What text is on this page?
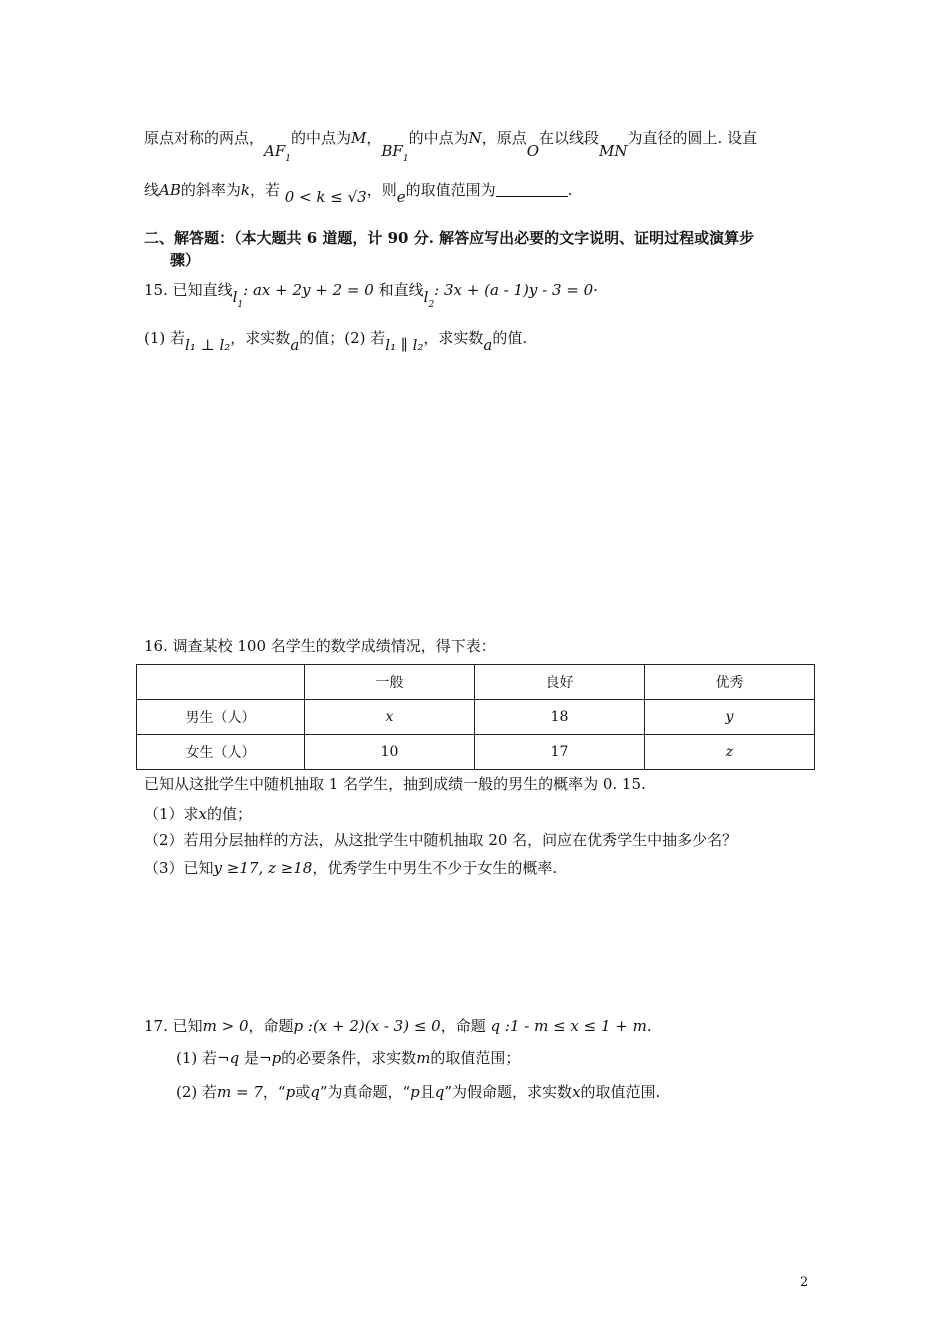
原点对称的两点，$AF_1$的中点为M，$BF_1$的中点为N，原点O在以线段MN为直径的圆上. 设直
线AB的斜率为k，若 0 < k ≤ √3，则e的取值范围为	.
二、解答题：（本大题共 6 道题，计 90 分. 解答应写出必要的文字说明、证明过程或演算步
骤）
15. 已知直线$l_1$: ax + 2y + 2 = 0 和直线$l_2$: 3x + (a - 1)y - 3 = 0·
(1) 若l₁ ⊥ l₂，求实数a的值；(2) 若l₁ ∥ l₂，求实数a的值.
16. 调查某校 100 名学生的数学成绩情况，得下表：
	一般	良好	优秀
男生（人）	x	18	y
女生（人）	10	17	z
已知从这批学生中随机抽取 1 名学生，抽到成绩一般的男生的概率为 0. 15.
（1）求x的值；
（2）若用分层抽样的方法，从这批学生中随机抽取 20 名，问应在优秀学生中抽多少名？
（3）已知y ≥17, z ≥18，优秀学生中男生不少于女生的概率.
17. 已知m > 0，命题p :(x + 2)(x - 3) ≤ 0，命题 q :1 - m ≤ x ≤ 1 + m.
(1) 若¬q 是¬p的必要条件，求实数m的取值范围；
(2) 若m = 7，“p或q”为真命题，“p且q”为假命题，求实数x的取值范围.
2
